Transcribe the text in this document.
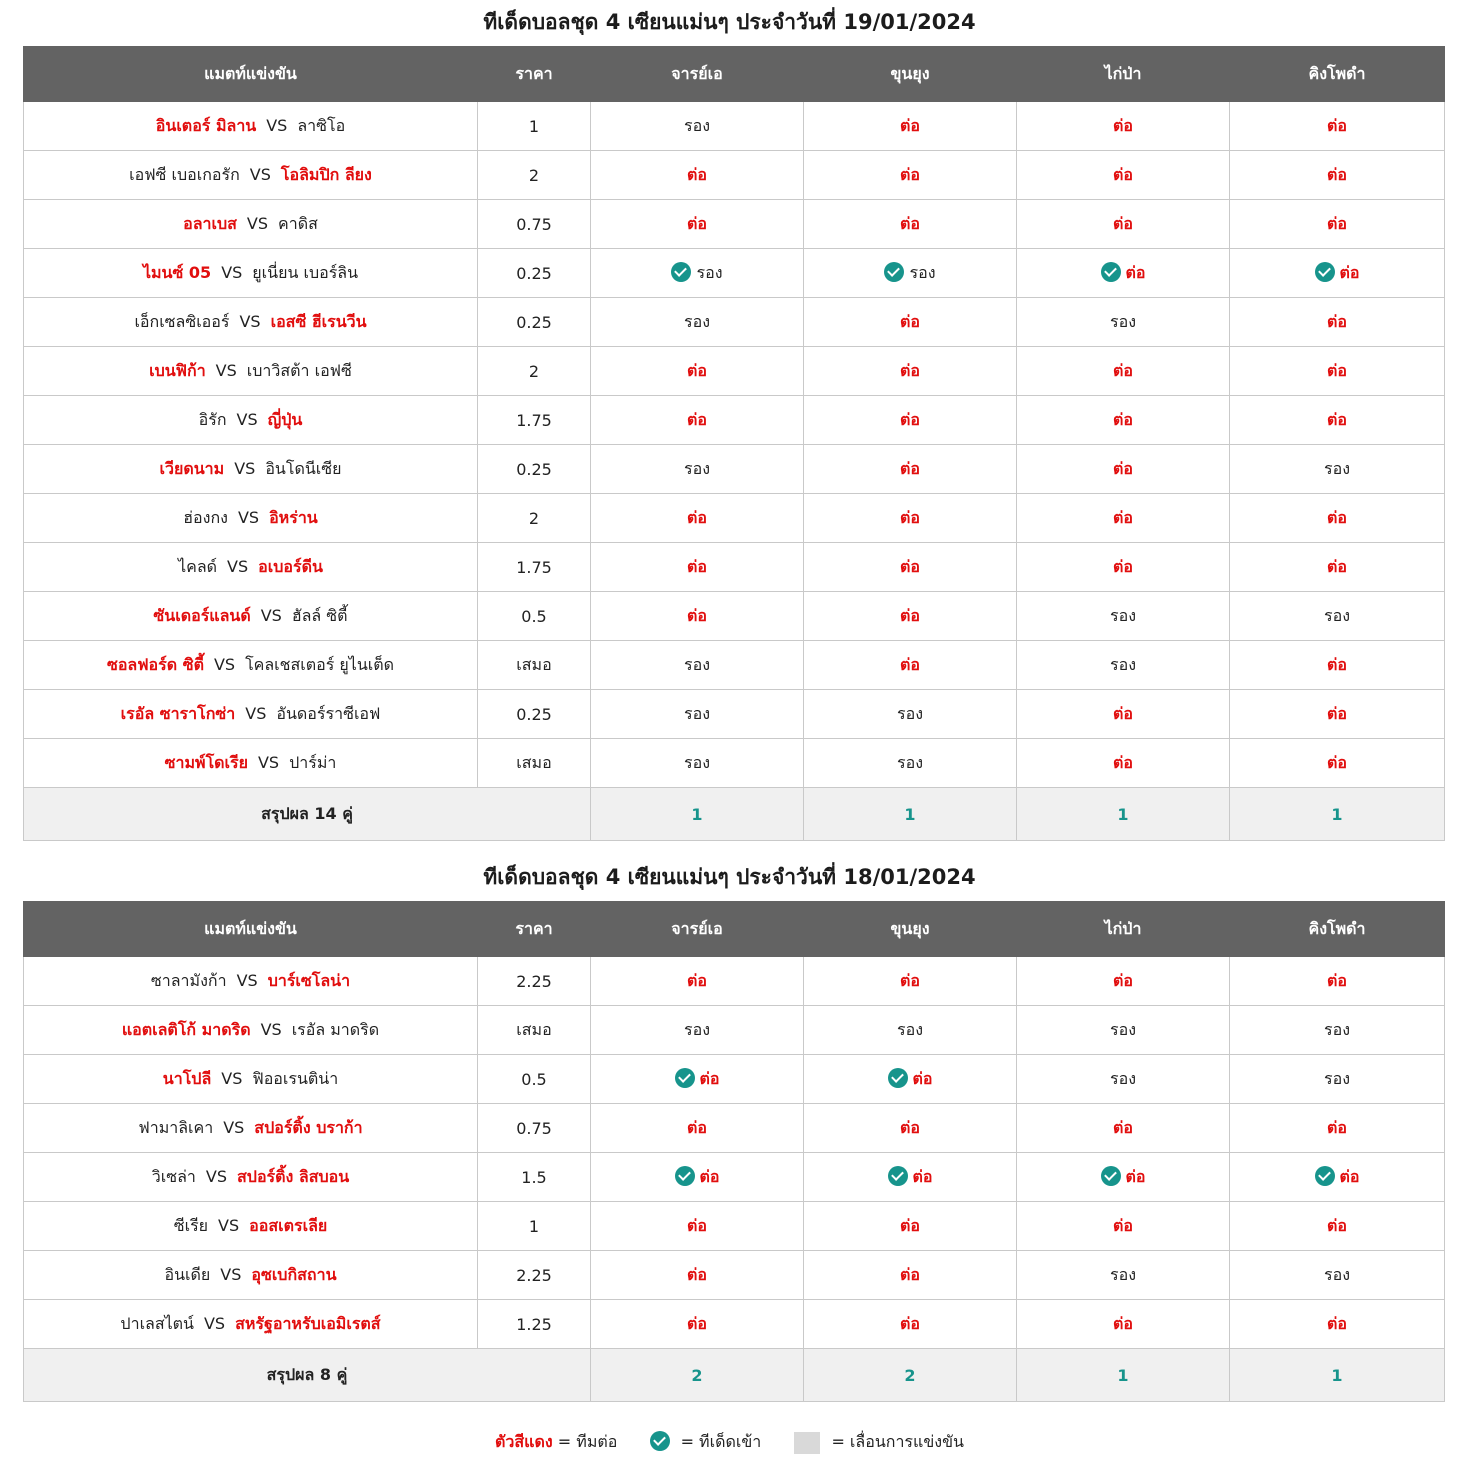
ทีเด็ดบอลชุด 4 เซียนแม่นๆ ประจำวันที่ 19/01/2024
แมตท์แข่งขัน	ราคา	จารย์เอ	ขุนยุง	ไก่ป่า	คิงโพดำ
อินเตอร์ มิลาน VS ลาซิโอ	1	รอง	ต่อ	ต่อ	ต่อ
เอฟซี เบอเกอรัก VS โอลิมปิก ลียง	2	ต่อ	ต่อ	ต่อ	ต่อ
อลาเบส VS คาดิส	0.75	ต่อ	ต่อ	ต่อ	ต่อ
ไมนซ์ 05 VS ยูเนี่ยน เบอร์ลิน	0.25	รอง	รอง	ต่อ	ต่อ
เอ็กเซลซิเออร์ VS เอสซี ฮีเรนวีน	0.25	รอง	ต่อ	รอง	ต่อ
เบนฟิก้า VS เบาวิสต้า เอฟซี	2	ต่อ	ต่อ	ต่อ	ต่อ
อิรัก VS ญี่ปุ่น	1.75	ต่อ	ต่อ	ต่อ	ต่อ
เวียดนาม VS อินโดนีเซีย	0.25	รอง	ต่อ	ต่อ	รอง
ฮ่องกง VS อิหร่าน	2	ต่อ	ต่อ	ต่อ	ต่อ
ไคลด์ VS อเบอร์ดีน	1.75	ต่อ	ต่อ	ต่อ	ต่อ
ซันเดอร์แลนด์ VS ฮัลล์ ซิตี้	0.5	ต่อ	ต่อ	รอง	รอง
ซอลฟอร์ด ซิตี้ VS โคลเชสเตอร์ ยูไนเต็ด	เสมอ	รอง	ต่อ	รอง	ต่อ
เรอัล ซาราโกซ่า VS อันดอร์ราซีเอฟ	0.25	รอง	รอง	ต่อ	ต่อ
ซามพ์โดเรีย VS ปาร์ม่า	เสมอ	รอง	รอง	ต่อ	ต่อ
สรุปผล 14 คู่		1	1	1	1
ทีเด็ดบอลชุด 4 เซียนแม่นๆ ประจำวันที่ 18/01/2024
แมตท์แข่งขัน	ราคา	จารย์เอ	ขุนยุง	ไก่ป่า	คิงโพดำ
ซาลามังก้า VS บาร์เซโลน่า	2.25	ต่อ	ต่อ	ต่อ	ต่อ
แอตเลติโก้ มาดริด VS เรอัล มาดริด	เสมอ	รอง	รอง	รอง	รอง
นาโปลี VS ฟิออเรนติน่า	0.5	ต่อ	ต่อ	รอง	รอง
ฟามาลิเคา VS สปอร์ติ้ง บราก้า	0.75	ต่อ	ต่อ	ต่อ	ต่อ
วิเซล่า VS สปอร์ติ้ง ลิสบอน	1.5	ต่อ	ต่อ	ต่อ	ต่อ
ซีเรีย VS ออสเตรเลีย	1	ต่อ	ต่อ	ต่อ	ต่อ
อินเดีย VS อุซเบกิสถาน	2.25	ต่อ	ต่อ	รอง	รอง
ปาเลสไตน์ VS สหรัฐอาหรับเอมิเรตส์	1.25	ต่อ	ต่อ	ต่อ	ต่อ
สรุปผล 8 คู่		2	2	1	1
ตัวสีแดง = ทีมต่อ	= ทีเด็ดเข้า	= เลื่อนการแข่งขัน
